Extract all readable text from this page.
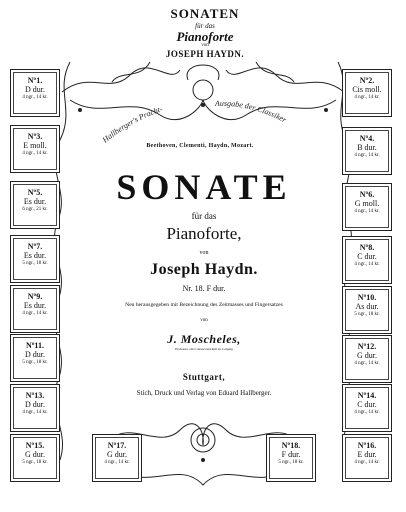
SONATEN
für das
Pianoforte
von
JOSEPH HAYDN.
Hallberger's Pracht-
Ausgabe der Classiker
Beethoven, Clementi, Haydn, Mozart.
SONATE
für das
Pianoforte,
von
Joseph Haydn.
Nr. 18. F dur.
Neu herausgegeben mit Bezeichnung des Zeitmasses und Fingersatzes
von
J. Moscheles,
Professor am Conservatorium zu Leipzig
Stuttgart,
Stich, Druck und Verlag von Eduard Hallberger.
Nº1.
D dur.
4 ngr., 14 kr.
Nº3.
E moll.
4 ngr., 14 kr.
Nº5.
Es dur.
6 ngr., 21 kr.
Nº7.
Es dur.
5 ngr., 18 kr.
Nº9.
Es dur.
4 ngr., 14 kr.
Nº11.
D dur.
5 ngr., 18 kr.
Nº13.
D dur.
4 ngr., 14 kr.
Nº15.
G dur.
5 ngr., 18 kr.
Nº2.
Cis moll.
4 ngr., 14 kr.
Nº4.
B dur.
4 ngr., 14 kr.
Nº6.
G moll.
4 ngr., 14 kr.
Nº8.
C dur.
4 ngr., 14 kr.
Nº10.
As dur.
5 ngr., 18 kr.
Nº12.
G dur.
4 ngr., 14 kr.
Nº14.
C dur.
4 ngr., 14 kr.
Nº16.
E dur.
4 ngr., 14 kr.
Nº17.
G dur.
4 ngr., 14 kr.
Nº18.
F dur.
5 ngr., 18 kr.
